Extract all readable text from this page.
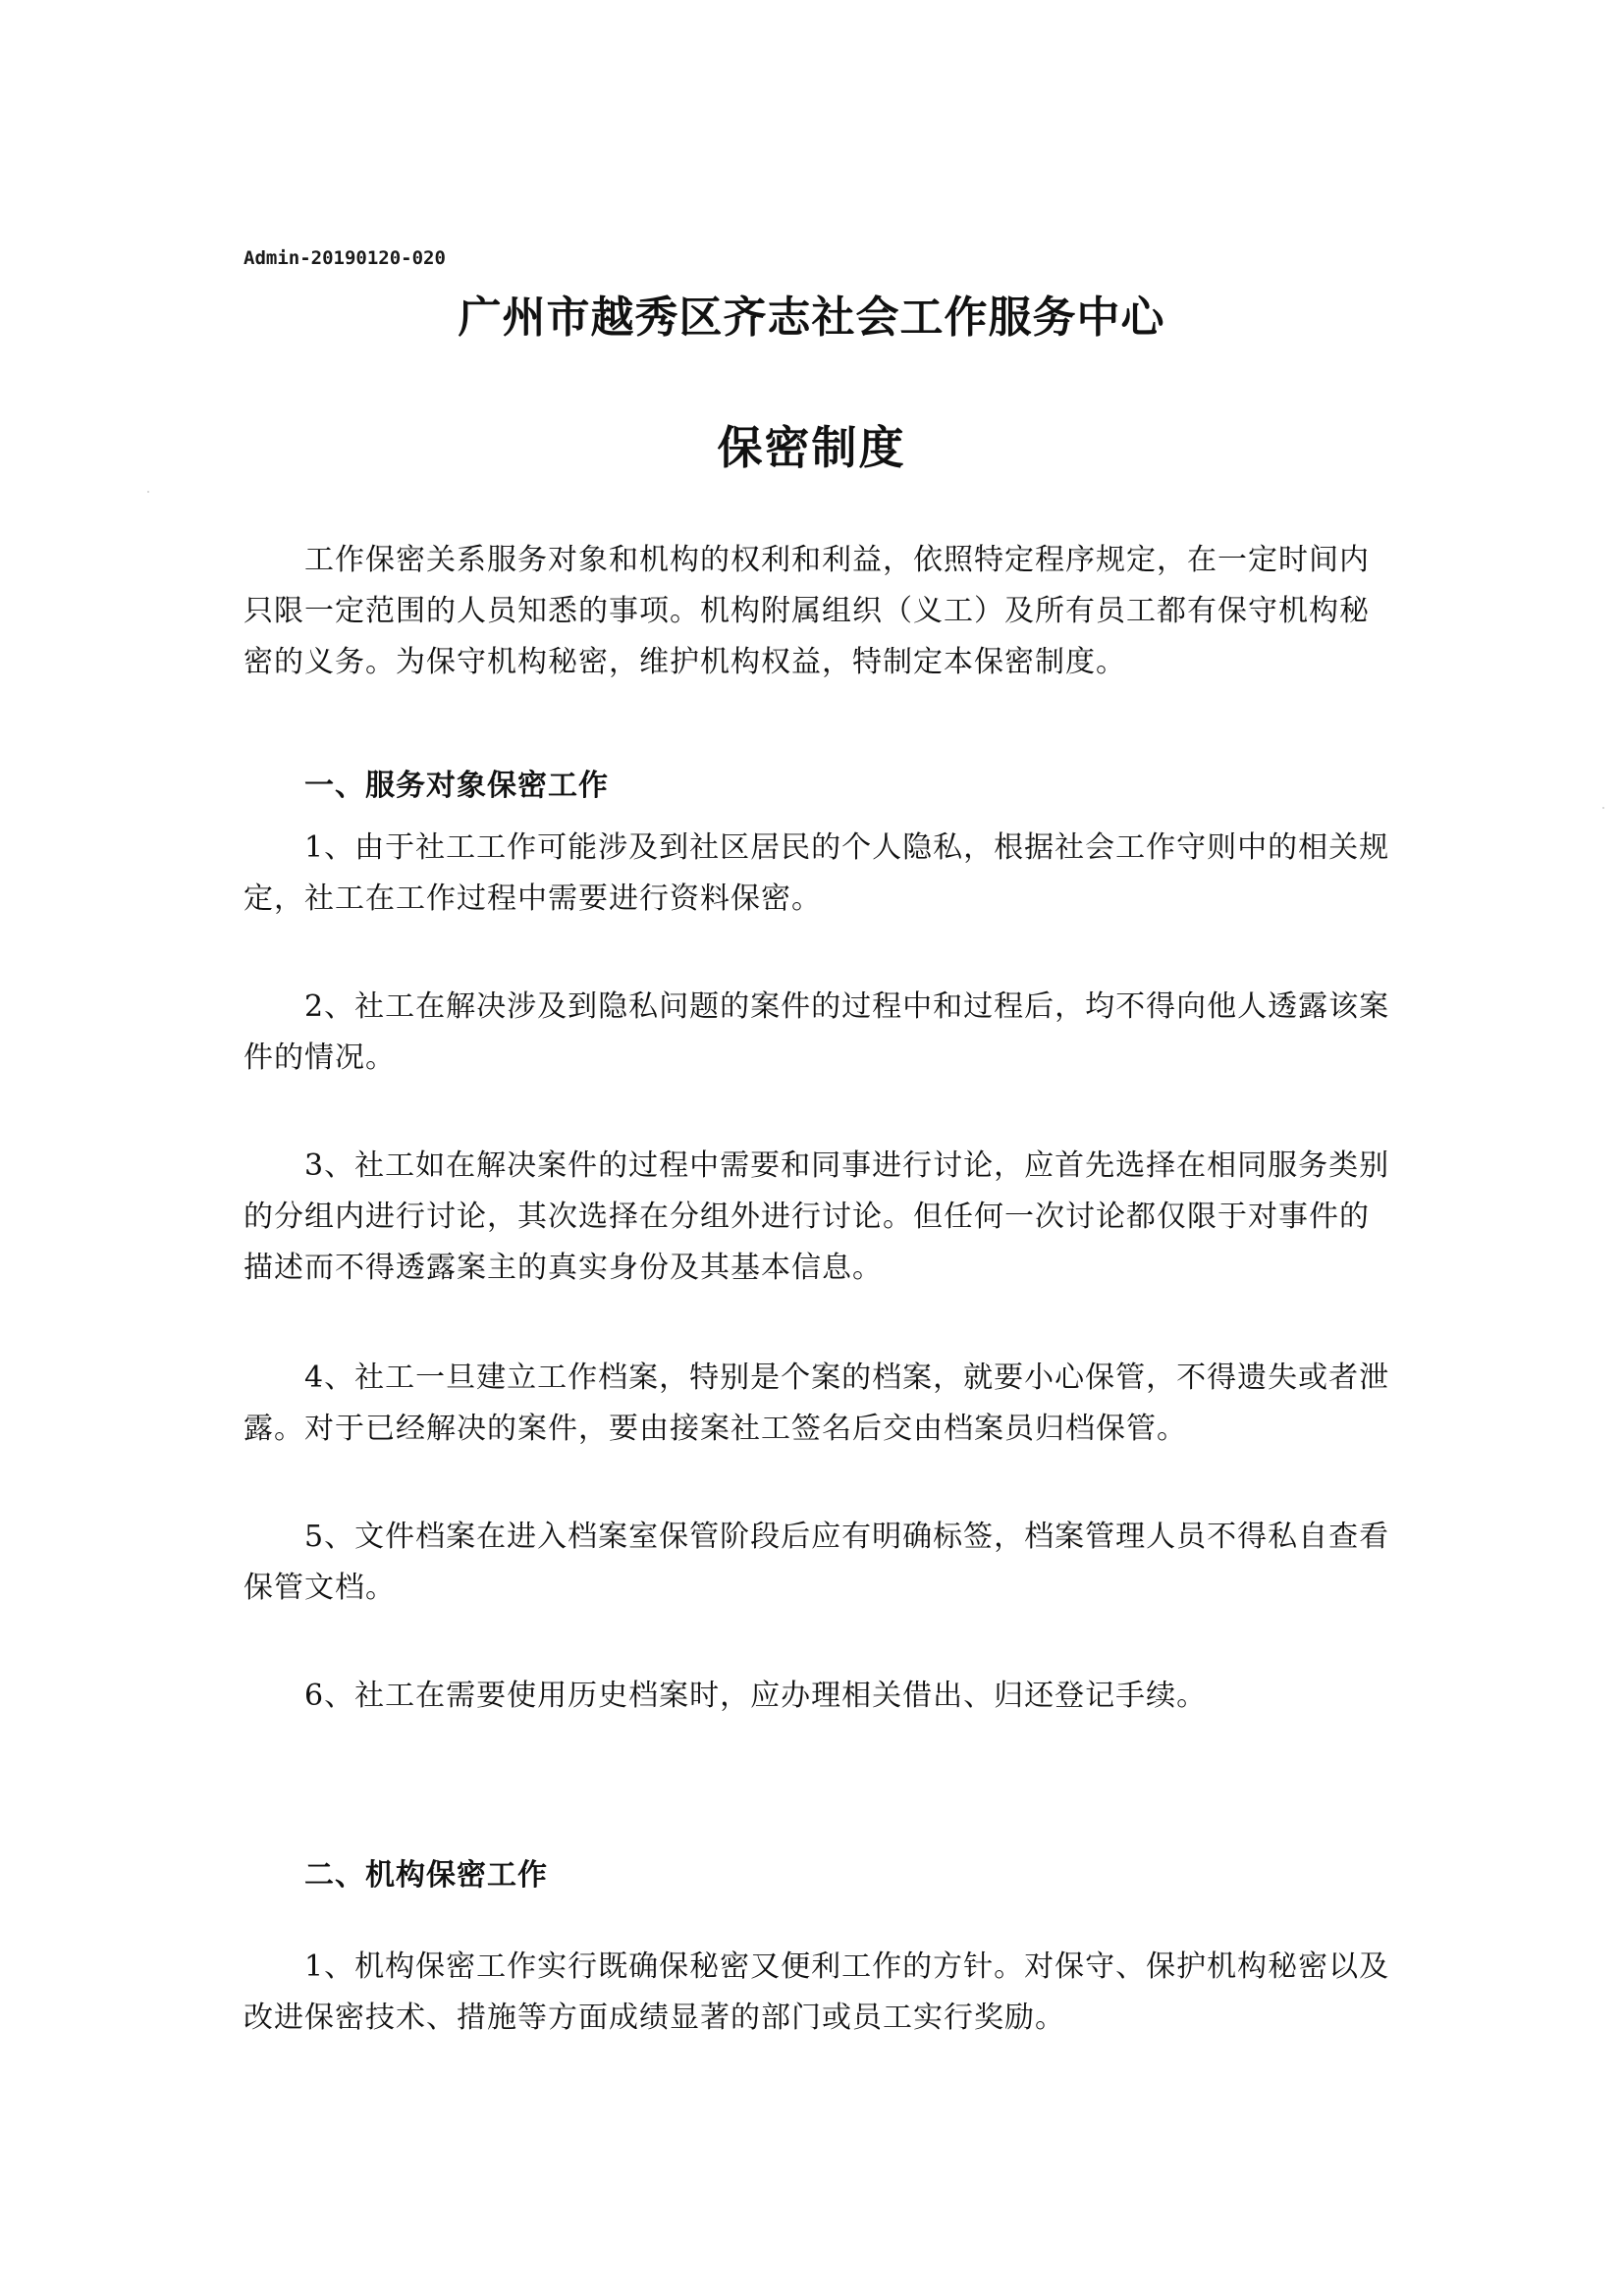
Admin-20190120-020
广州市越秀区齐志社会工作服务中心
保密制度

工作保密关系服务对象和机构的权利和利益，依照特定程序规定，在一定时间内只限一定范围的人员知悉的事项。机构附属组织（义工）及所有员工都有保守机构秘密的义务。为保守机构秘密，维护机构权益，特制定本保密制度。

一、服务对象保密工作

1、由于社工工作可能涉及到社区居民的个人隐私，根据社会工作守则中的相关规定，社工在工作过程中需要进行资料保密。

2、社工在解决涉及到隐私问题的案件的过程中和过程后，均不得向他人透露该案件的情况。

3、社工如在解决案件的过程中需要和同事进行讨论，应首先选择在相同服务类别的分组内进行讨论，其次选择在分组外进行讨论。但任何一次讨论都仅限于对事件的描述而不得透露案主的真实身份及其基本信息。

4、社工一旦建立工作档案，特别是个案的档案，就要小心保管，不得遗失或者泄露。对于已经解决的案件，要由接案社工签名后交由档案员归档保管。

5、文件档案在进入档案室保管阶段后应有明确标签，档案管理人员不得私自查看保管文档。

6、社工在需要使用历史档案时，应办理相关借出、归还登记手续。

二、机构保密工作

1、机构保密工作实行既确保秘密又便利工作的方针。对保守、保护机构秘密以及改进保密技术、措施等方面成绩显著的部门或员工实行奖励。
